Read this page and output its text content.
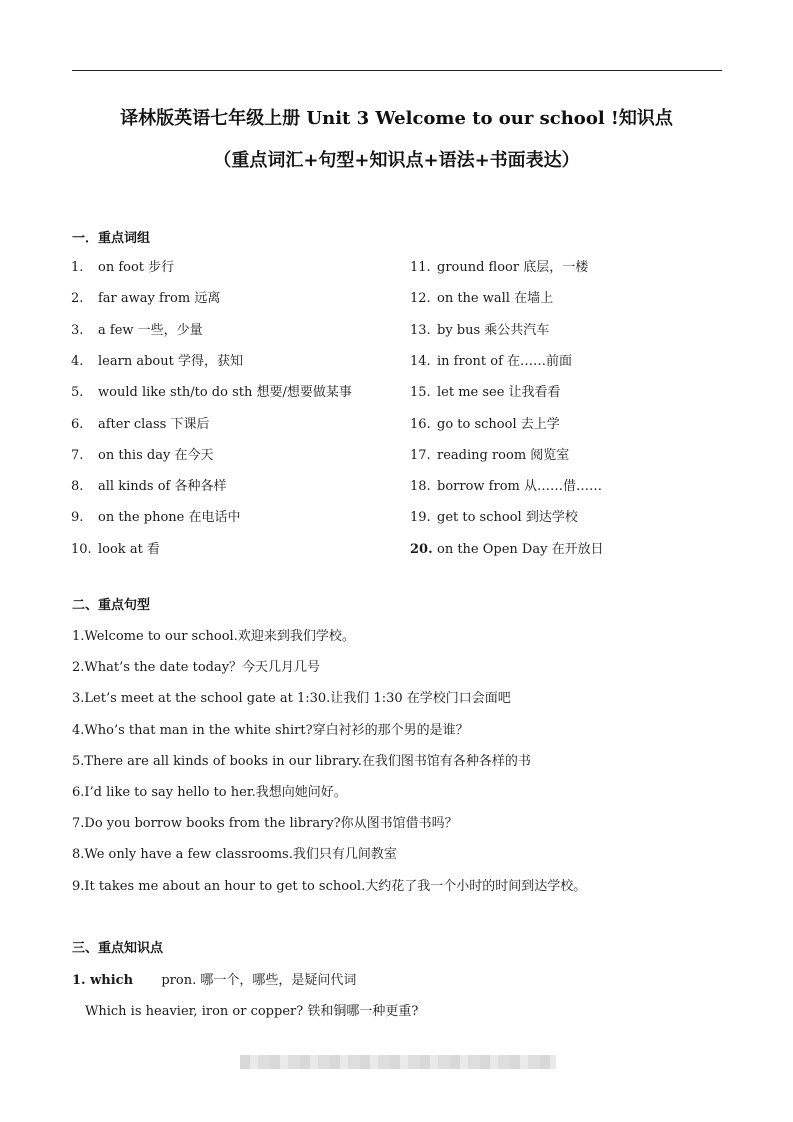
译林版英语七年级上册 Unit 3 Welcome to our school !知识点
（重点词汇+句型+知识点+语法+书面表达）
一．重点词组
1. on foot 步行
2. far away from 远离
3. a few 一些，少量
4. learn about 学得，获知
5. would like sth/to do sth 想要/想要做某事
6. after class 下课后
7. on this day 在今天
8. all kinds of 各种各样
9. on the phone 在电话中
10. look at 看
11. ground floor 底层，一楼
12. on the wall 在墙上
13. by bus 乘公共汽车
14. in front of 在……前面
15. let me see 让我看看
16. go to school 去上学
17. reading room 阅览室
18. borrow from 从……借……
19. get to school 到达学校
20. on the Open Day 在开放日
二、重点句型
1.Welcome to our school.欢迎来到我们学校。
2.What’s the date today？今天几月几号
3.Let’s meet at the school gate at 1:30.让我们 1:30 在学校门口会面吧
4.Who’s that man in the white shirt?穿白衬衫的那个男的是谁？
5.There are all kinds of books in our library.在我们图书馆有各种各样的书
6.I’d like to say hello to her.我想向她问好。
7.Do you borrow books from the library?你从图书馆借书吗？
8.We only have a few classrooms.我们只有几间教室
9.It takes me about an hour to get to school.大约花了我一个小时的时间到达学校。
三、重点知识点
1. which pron. 哪一个，哪些，是疑问代词
Which is heavier, iron or copper? 铁和铜哪一种更重?
